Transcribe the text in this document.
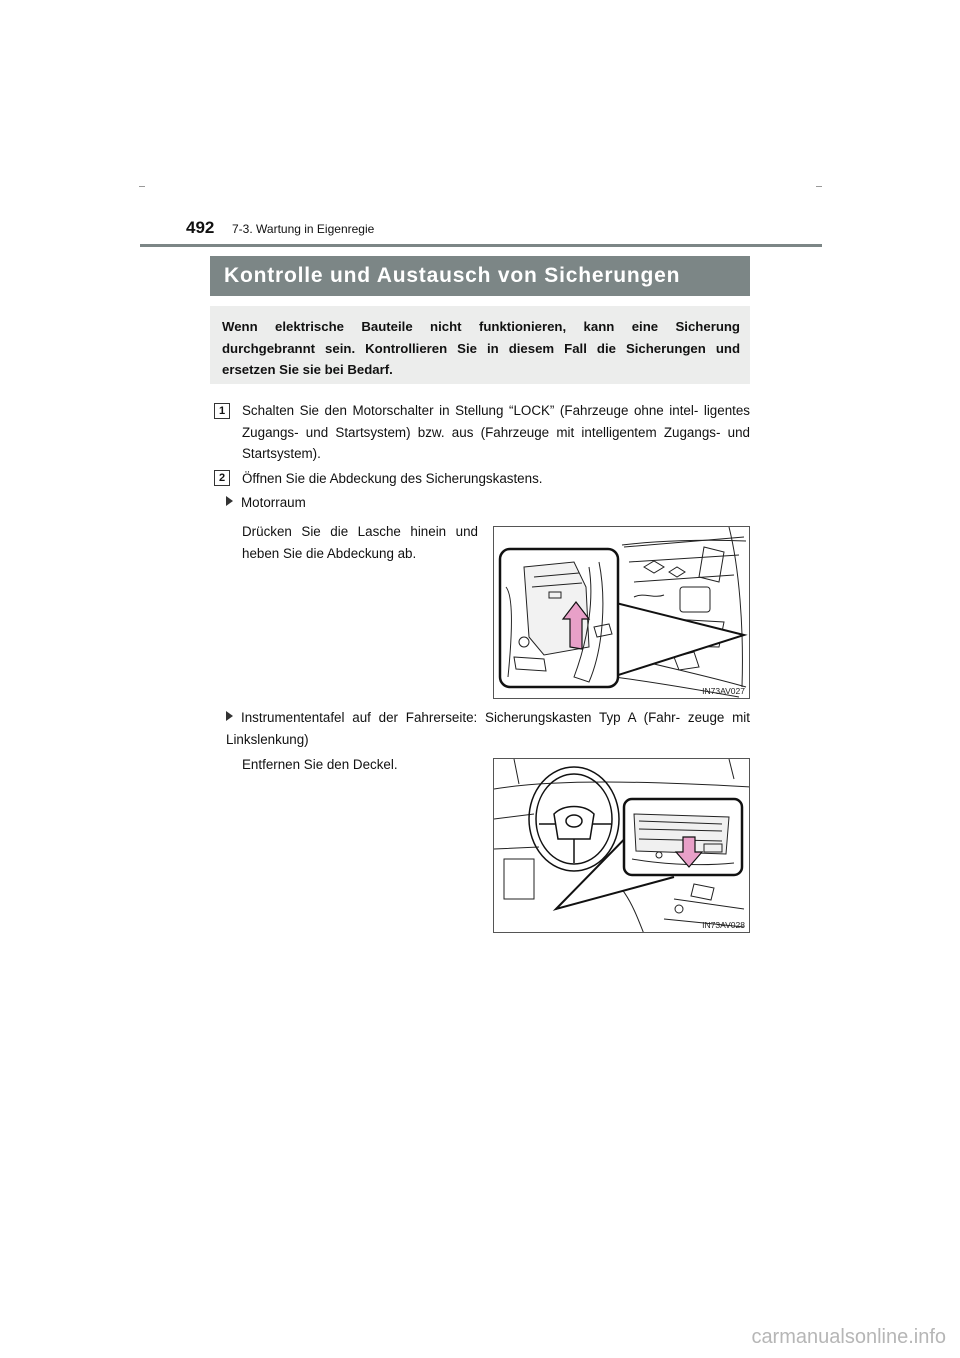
492 7-3. Wartung in Eigenregie
Kontrolle und Austausch von Sicherungen
Wenn elektrische Bauteile nicht funktionieren, kann eine Sicherung durchgebrannt sein. Kontrollieren Sie in diesem Fall die Sicherungen und ersetzen Sie sie bei Bedarf.
1	Schalten Sie den Motorschalter in Stellung “LOCK” (Fahrzeuge ohne intel- ligentes Zugangs- und Startsystem) bzw. aus (Fahrzeuge mit intelligentem Zugangs- und Startsystem).
2	Öffnen Sie die Abdeckung des Sicherungskastens.
Motorraum
Drücken Sie die Lasche hinein und heben Sie die Abdeckung ab.
IN73AV027
Instrumententafel auf der Fahrerseite: Sicherungskasten Typ A (Fahr- zeuge mit Linkslenkung)
Entfernen Sie den Deckel.
IN73AV028
carmanualsonline.info
